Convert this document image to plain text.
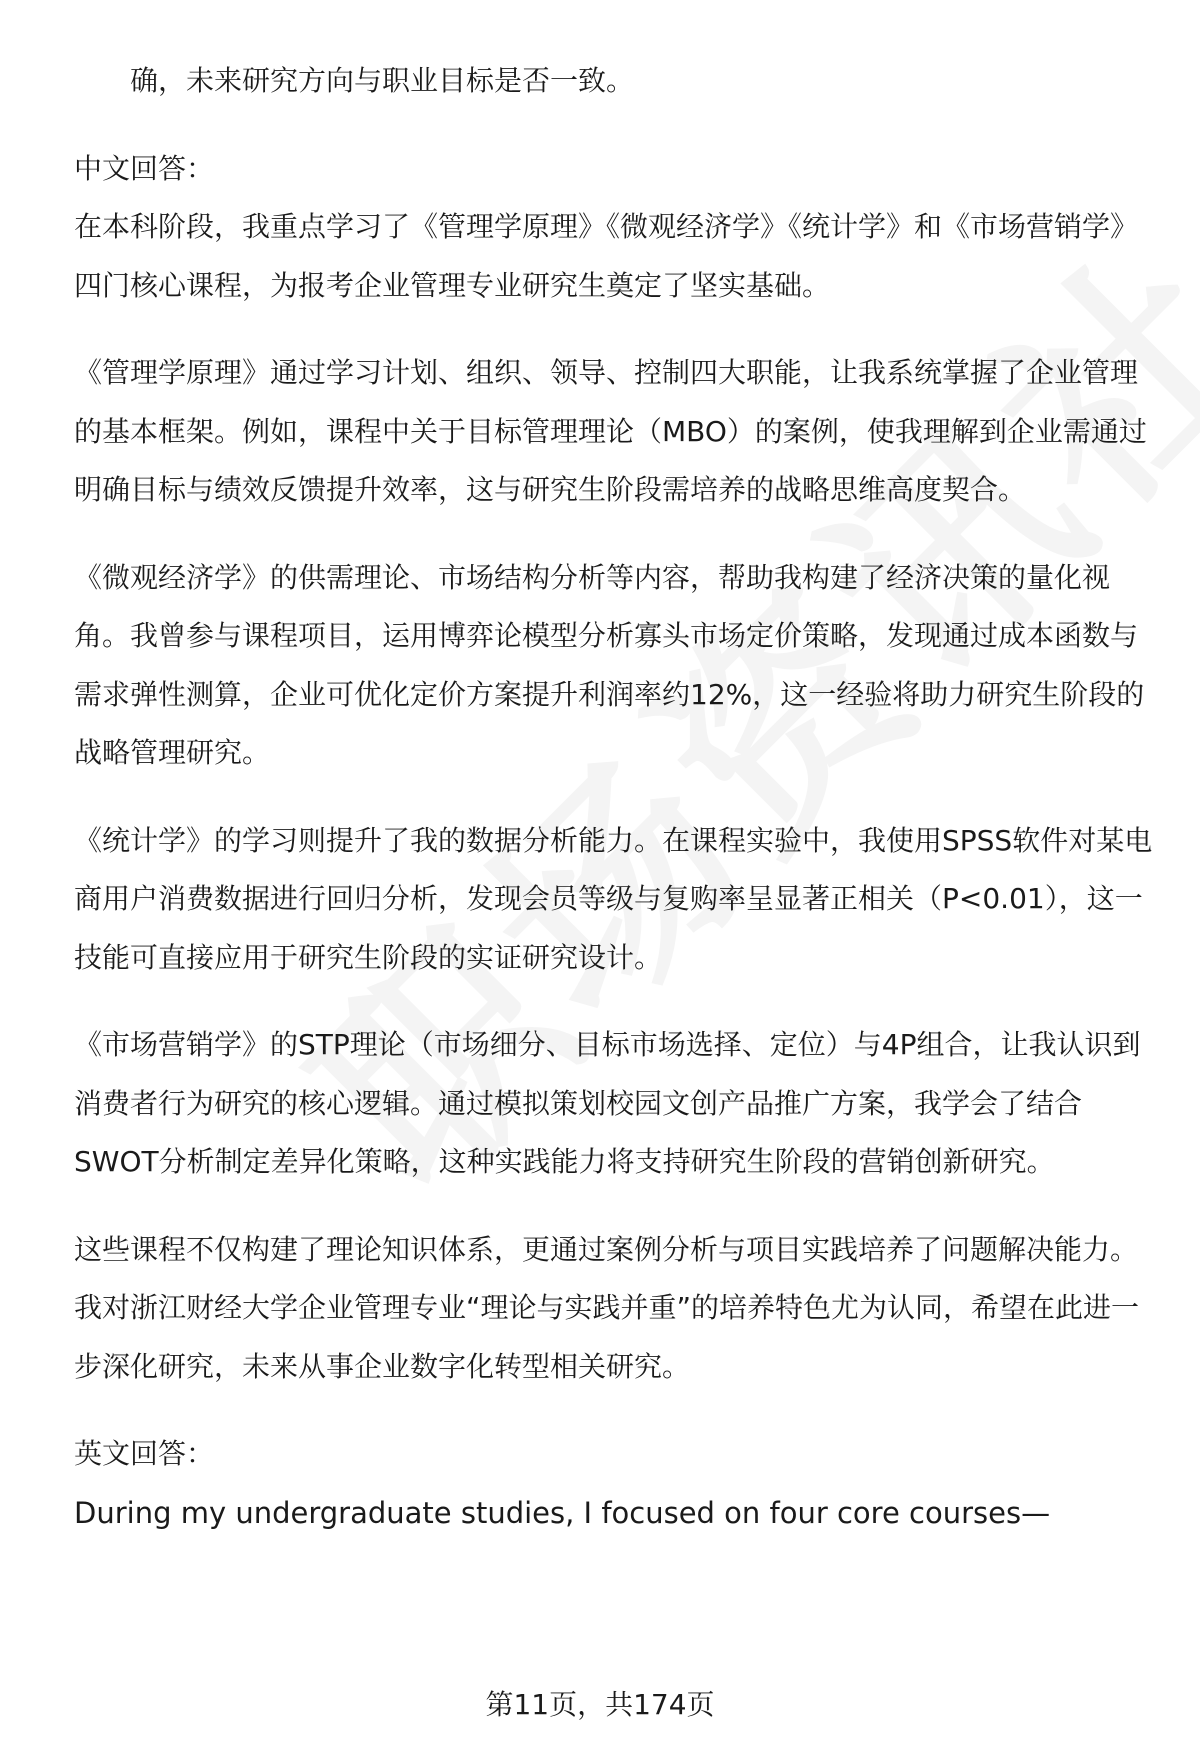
确，未来研究方向与职业目标是否一致。

中文回答：

在本科阶段，我重点学习了《管理学原理》《微观经济学》《统计学》和《市场营销学》四门核心课程，为报考企业管理专业研究生奠定了坚实基础。

《管理学原理》通过学习计划、组织、领导、控制四大职能，让我系统掌握了企业管理的基本框架。例如，课程中关于目标管理理论（MBO）的案例，使我理解到企业需通过明确目标与绩效反馈提升效率，这与研究生阶段需培养的战略思维高度契合。

《微观经济学》的供需理论、市场结构分析等内容，帮助我构建了经济决策的量化视角。我曾参与课程项目，运用博弈论模型分析寡头市场定价策略，发现通过成本函数与需求弹性测算，企业可优化定价方案提升利润率约12%，这一经验将助力研究生阶段的战略管理研究。

《统计学》的学习则提升了我的数据分析能力。在课程实验中，我使用SPSS软件对某电商用户消费数据进行回归分析，发现会员等级与复购率呈显著正相关（P<0.01），这一技能可直接应用于研究生阶段的实证研究设计。

《市场营销学》的STP理论（市场细分、目标市场选择、定位）与4P组合，让我认识到消费者行为研究的核心逻辑。通过模拟策划校园文创产品推广方案，我学会了结合SWOT分析制定差异化策略，这种实践能力将支持研究生阶段的营销创新研究。

这些课程不仅构建了理论知识体系，更通过案例分析与项目实践培养了问题解决能力。我对浙江财经大学企业管理专业“理论与实践并重”的培养特色尤为认同，希望在此进一步深化研究，未来从事企业数字化转型相关研究。

英文回答：

During my undergraduate studies, I focused on four core courses—

第11页，共174页
